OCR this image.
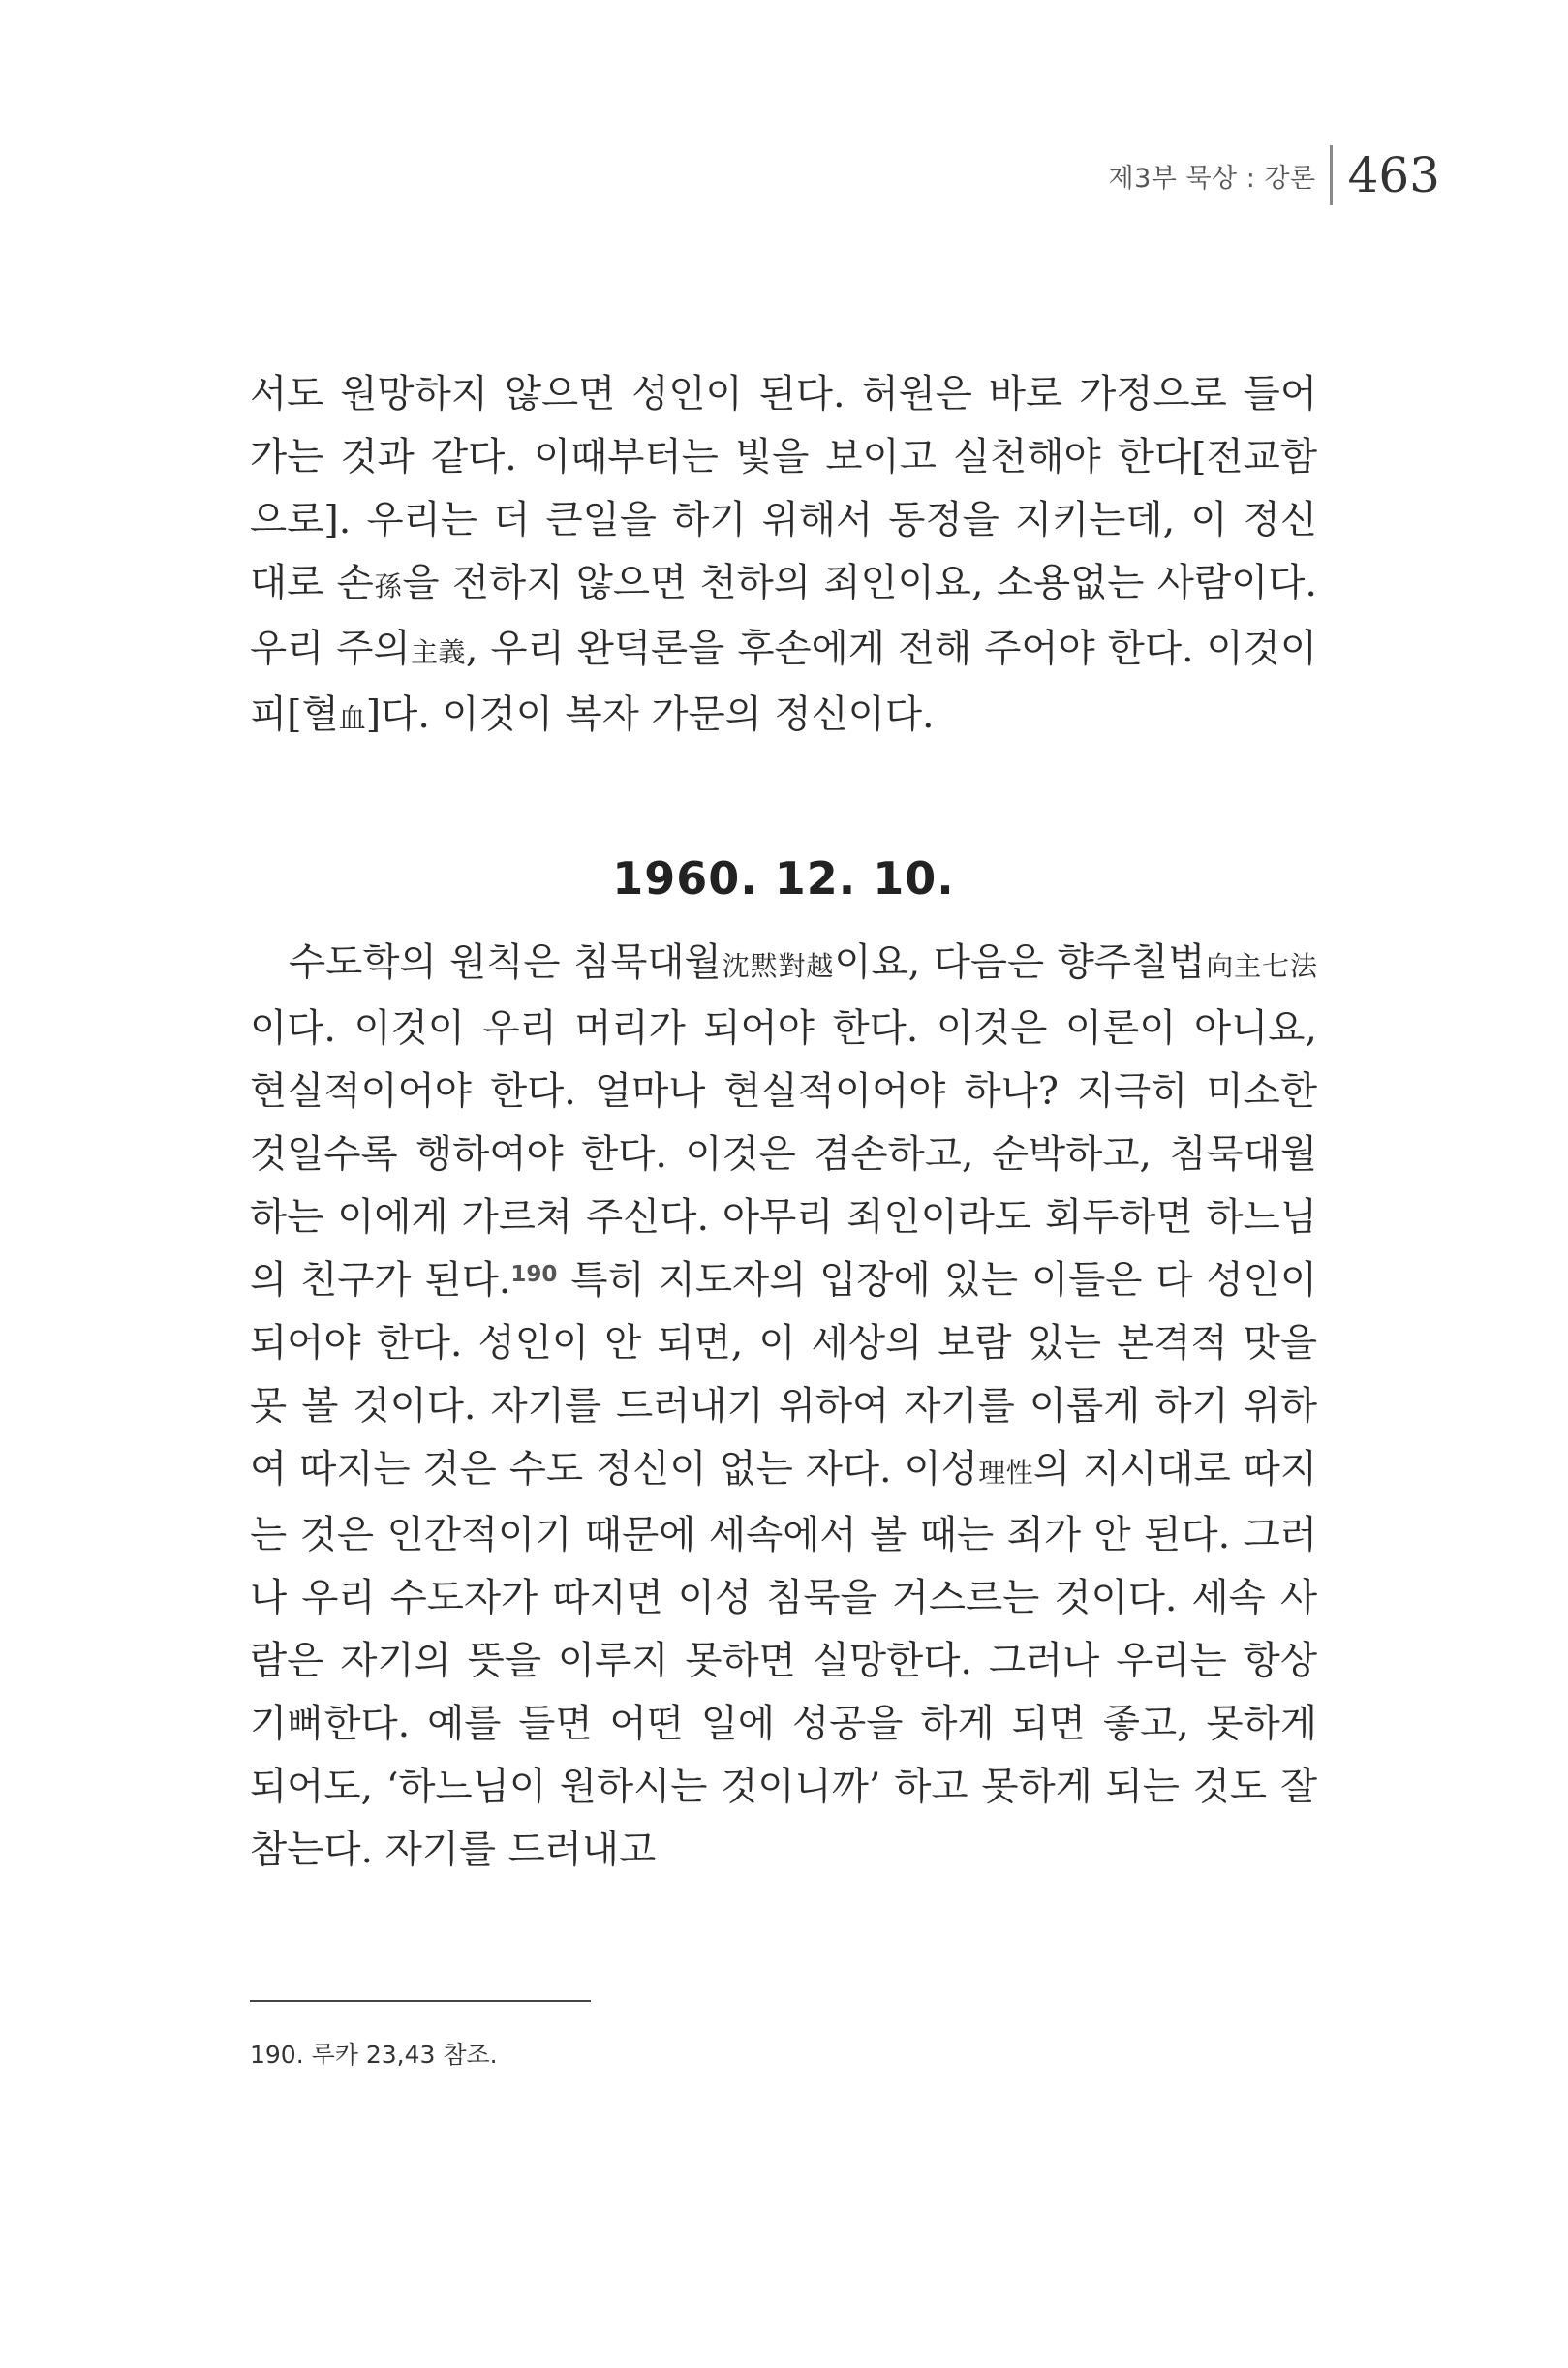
제3부 묵상 : 강론 463

서도 원망하지 않으면 성인이 된다. 허원은 바로 가정으로 들어가는 것과 같다. 이때부터는 빛을 보이고 실천해야 한다[전교함으로]. 우리는 더 큰일을 하기 위해서 동정을 지키는데, 이 정신대로 손孫을 전하지 않으면 천하의 죄인이요, 소용없는 사람이다. 우리 주의主義, 우리 완덕론을 후손에게 전해 주어야 한다. 이것이 피[혈血]다. 이것이 복자 가문의 정신이다.

1960. 12. 10.

수도학의 원칙은 침묵대월沈黙對越이요, 다음은 향주칠법向主七法이다. 이것이 우리 머리가 되어야 한다. 이것은 이론이 아니요, 현실적이어야 한다. 얼마나 현실적이어야 하나? 지극히 미소한 것일수록 행하여야 한다. 이것은 겸손하고, 순박하고, 침묵대월하는 이에게 가르쳐 주신다. 아무리 죄인이라도 회두하면 하느님의 친구가 된다.$^{190}$ 특히 지도자의 입장에 있는 이들은 다 성인이 되어야 한다. 성인이 안 되면, 이 세상의 보람 있는 본격적 맛을 못 볼 것이다. 자기를 드러내기 위하여 자기를 이롭게 하기 위하여 따지는 것은 수도 정신이 없는 자다. 이성理性의 지시대로 따지는 것은 인간적이기 때문에 세속에서 볼 때는 죄가 안 된다. 그러나 우리 수도자가 따지면 이성 침묵을 거스르는 것이다. 세속 사람은 자기의 뜻을 이루지 못하면 실망한다. 그러나 우리는 항상 기뻐한다. 예를 들면 어떤 일에 성공을 하게 되면 좋고, 못하게 되어도, ‘하느님이 원하시는 것이니까’ 하고 못하게 되는 것도 잘 참는다. 자기를 드러내고

190. 루카 23,43 참조.
